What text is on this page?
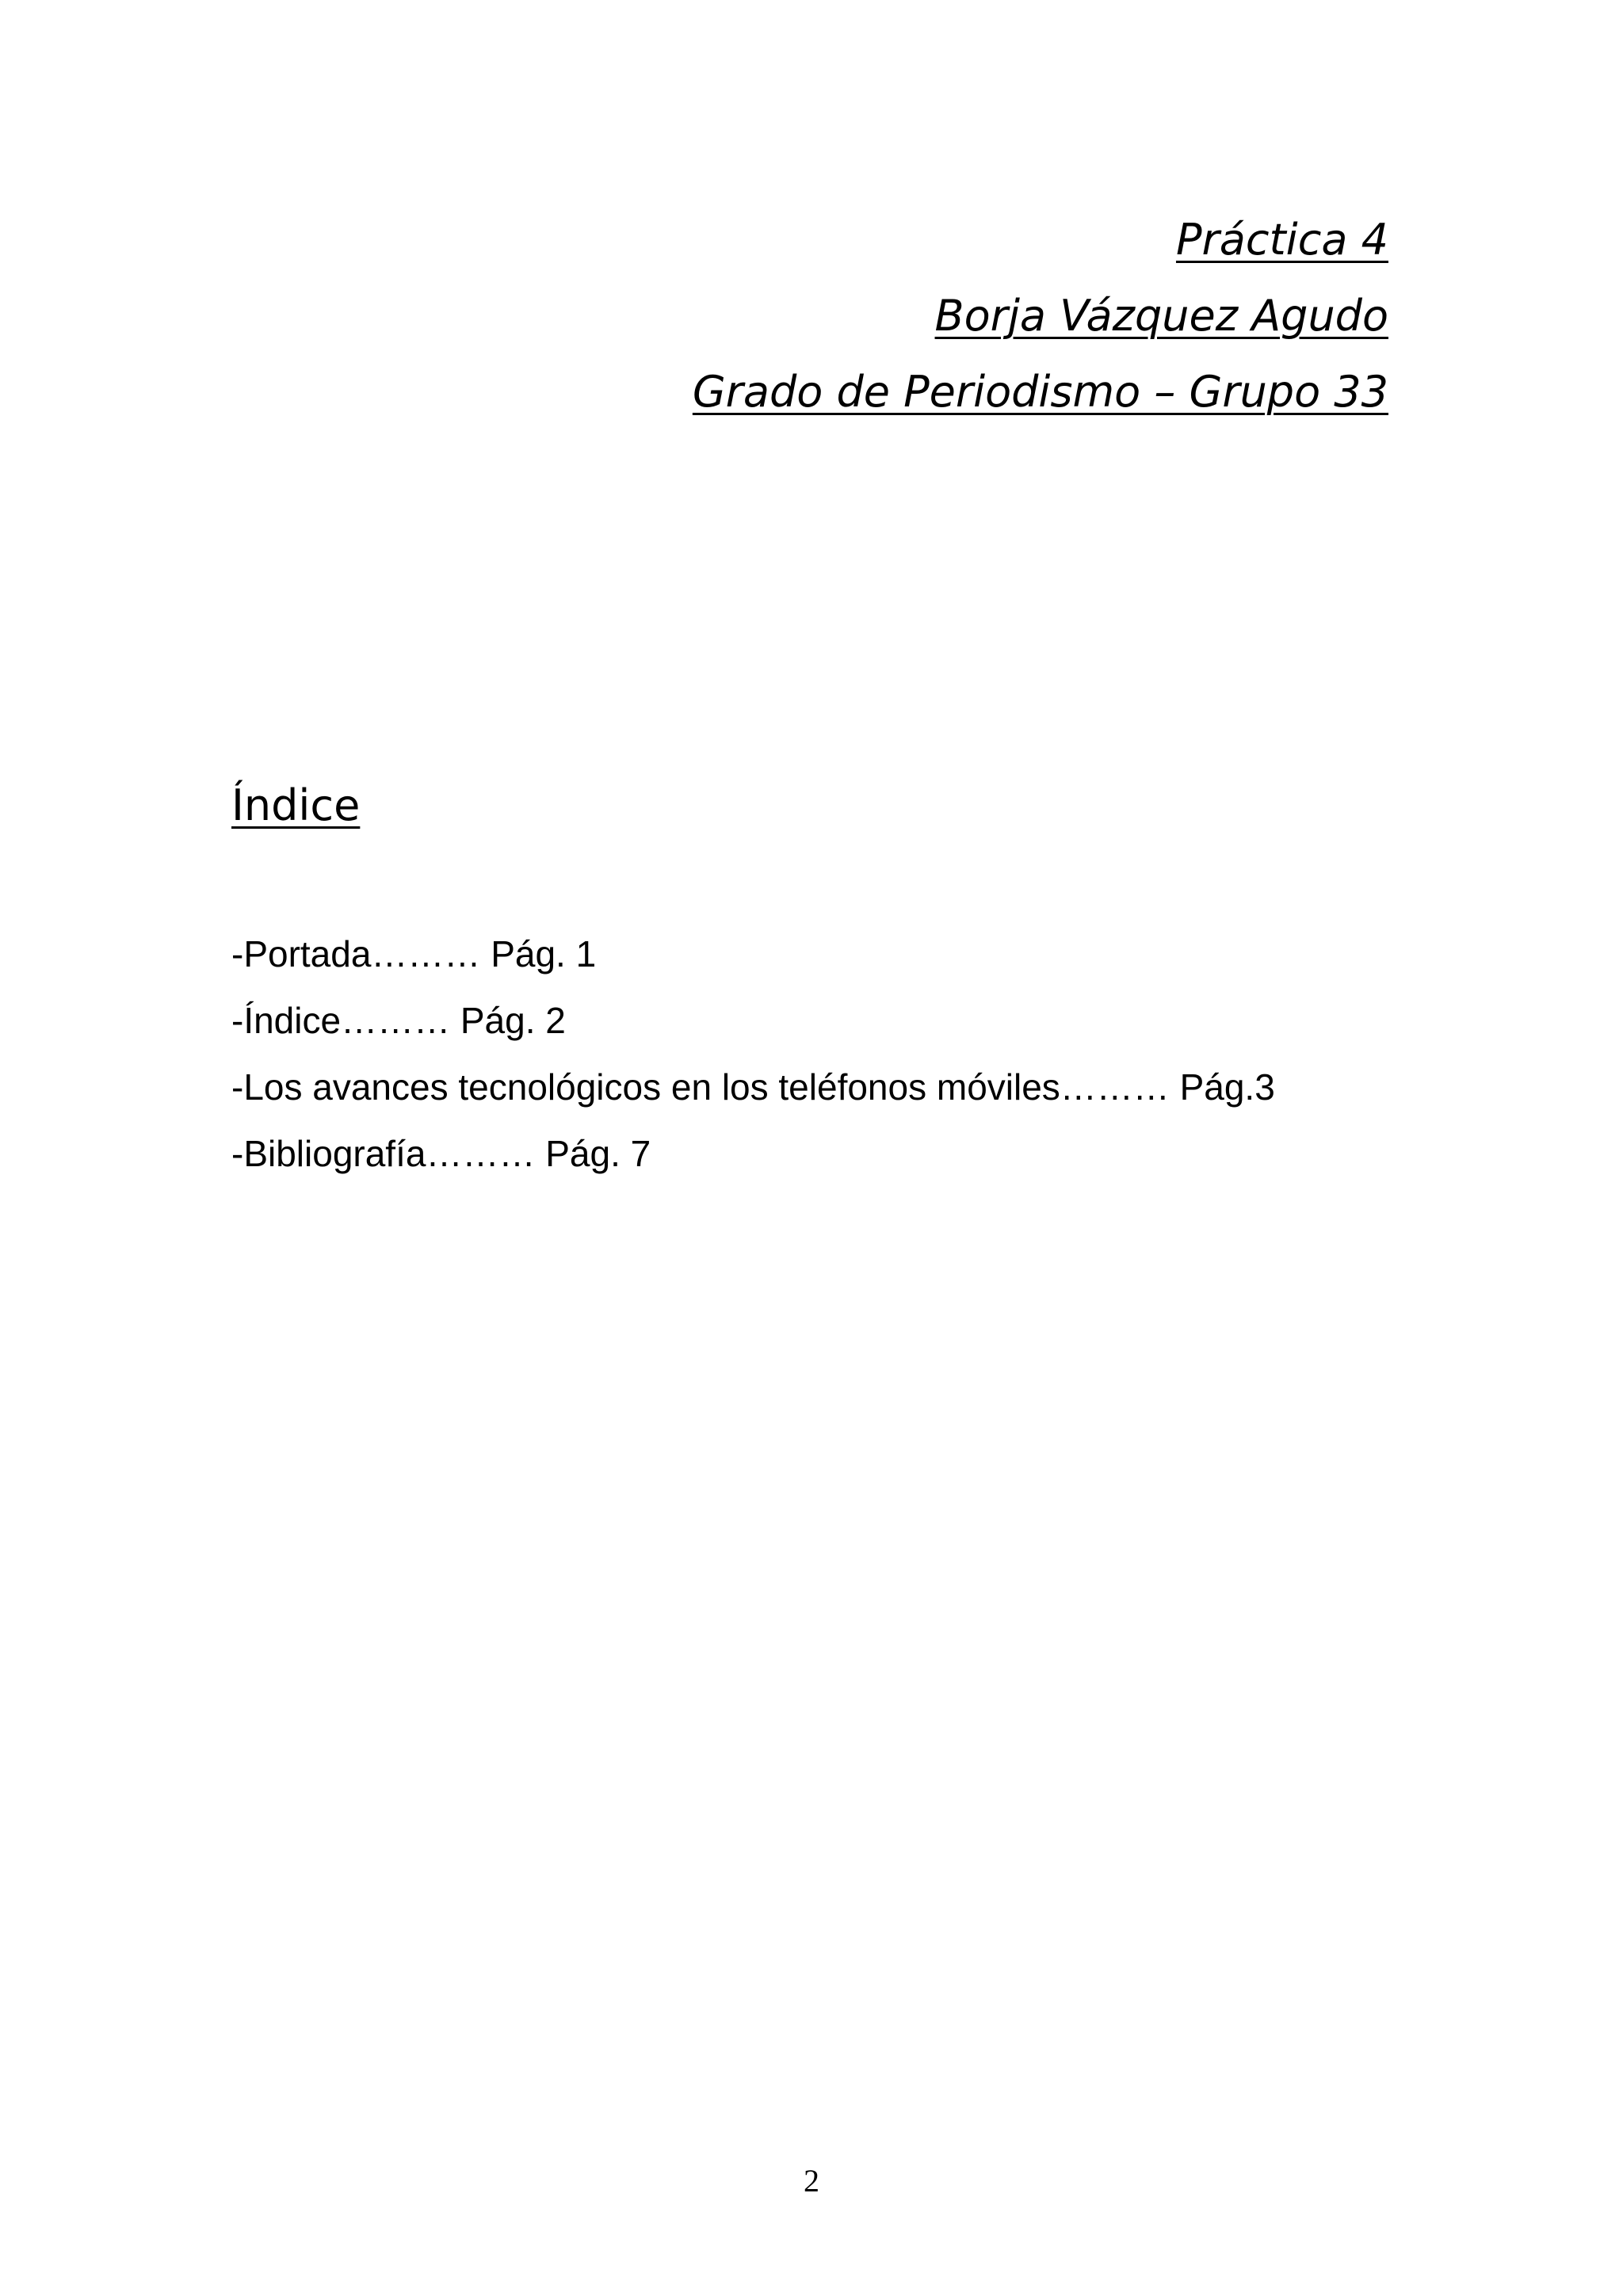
Práctica 4
Borja Vázquez Agudo
Grado de Periodismo – Grupo 33
Índice
-Portada……… Pág. 1
-Índice……… Pág. 2
-Los avances tecnológicos en los teléfonos móviles……… Pág.3
-Bibliografía……… Pág. 7
2
